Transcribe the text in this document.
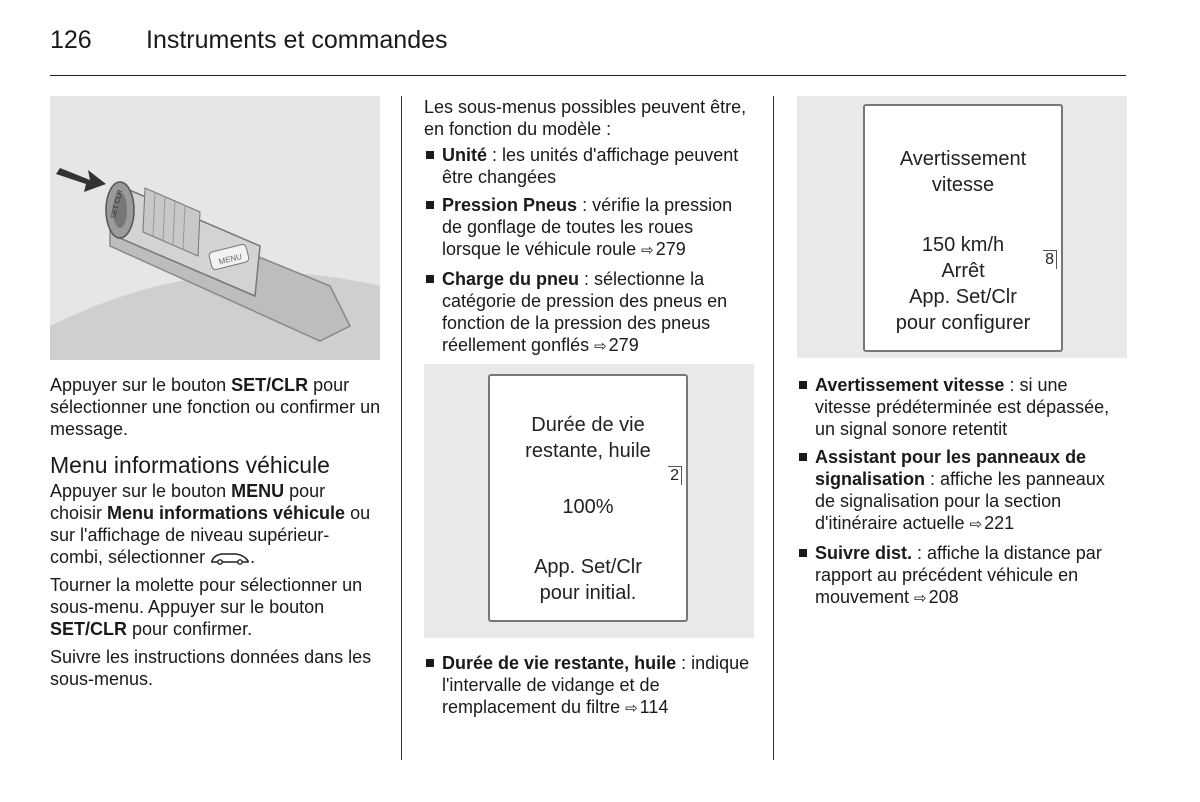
126 Instruments et commandes
MENU
SET CLR

Appuyer sur le bouton SET/CLR pour sélectionner une fonction ou confirmer un message.

Menu informations véhicule

Appuyer sur le bouton MENU pour choisir Menu informations véhicule ou sur l'affichage de niveau supérieur-combi, sélectionner .

Tourner la molette pour sélectionner un sous-menu. Appuyer sur le bouton SET/CLR pour confirmer.

Suivre les instructions données dans les sous-menus.

Les sous-menus possibles peuvent être, en fonction du modèle :

Unité : les unités d'affichage peuvent être changées
Pression Pneus : vérifie la pression de gonflage de toutes les roues lorsque le véhicule roule ⇨ 279
Charge du pneu : sélectionne la catégorie de pression des pneus en fonction de la pression des pneus réellement gonflés ⇨ 279
Durée de vie
restante, huile
100%
App. Set/Clr
pour initial.
2
Durée de vie restante, huile : indique l'intervalle de vidange et de remplacement du filtre ⇨ 114
Avertissement
vitesse
150 km/h
Arrêt
App. Set/Clr
pour configurer
8
Avertissement vitesse : si une vitesse prédéterminée est dépassée, un signal sonore retentit
Assistant pour les panneaux de signalisation : affiche les panneaux de signalisation pour la section d'itinéraire actuelle ⇨ 221
Suivre dist. : affiche la distance par rapport au précédent véhicule en mouvement ⇨ 208
